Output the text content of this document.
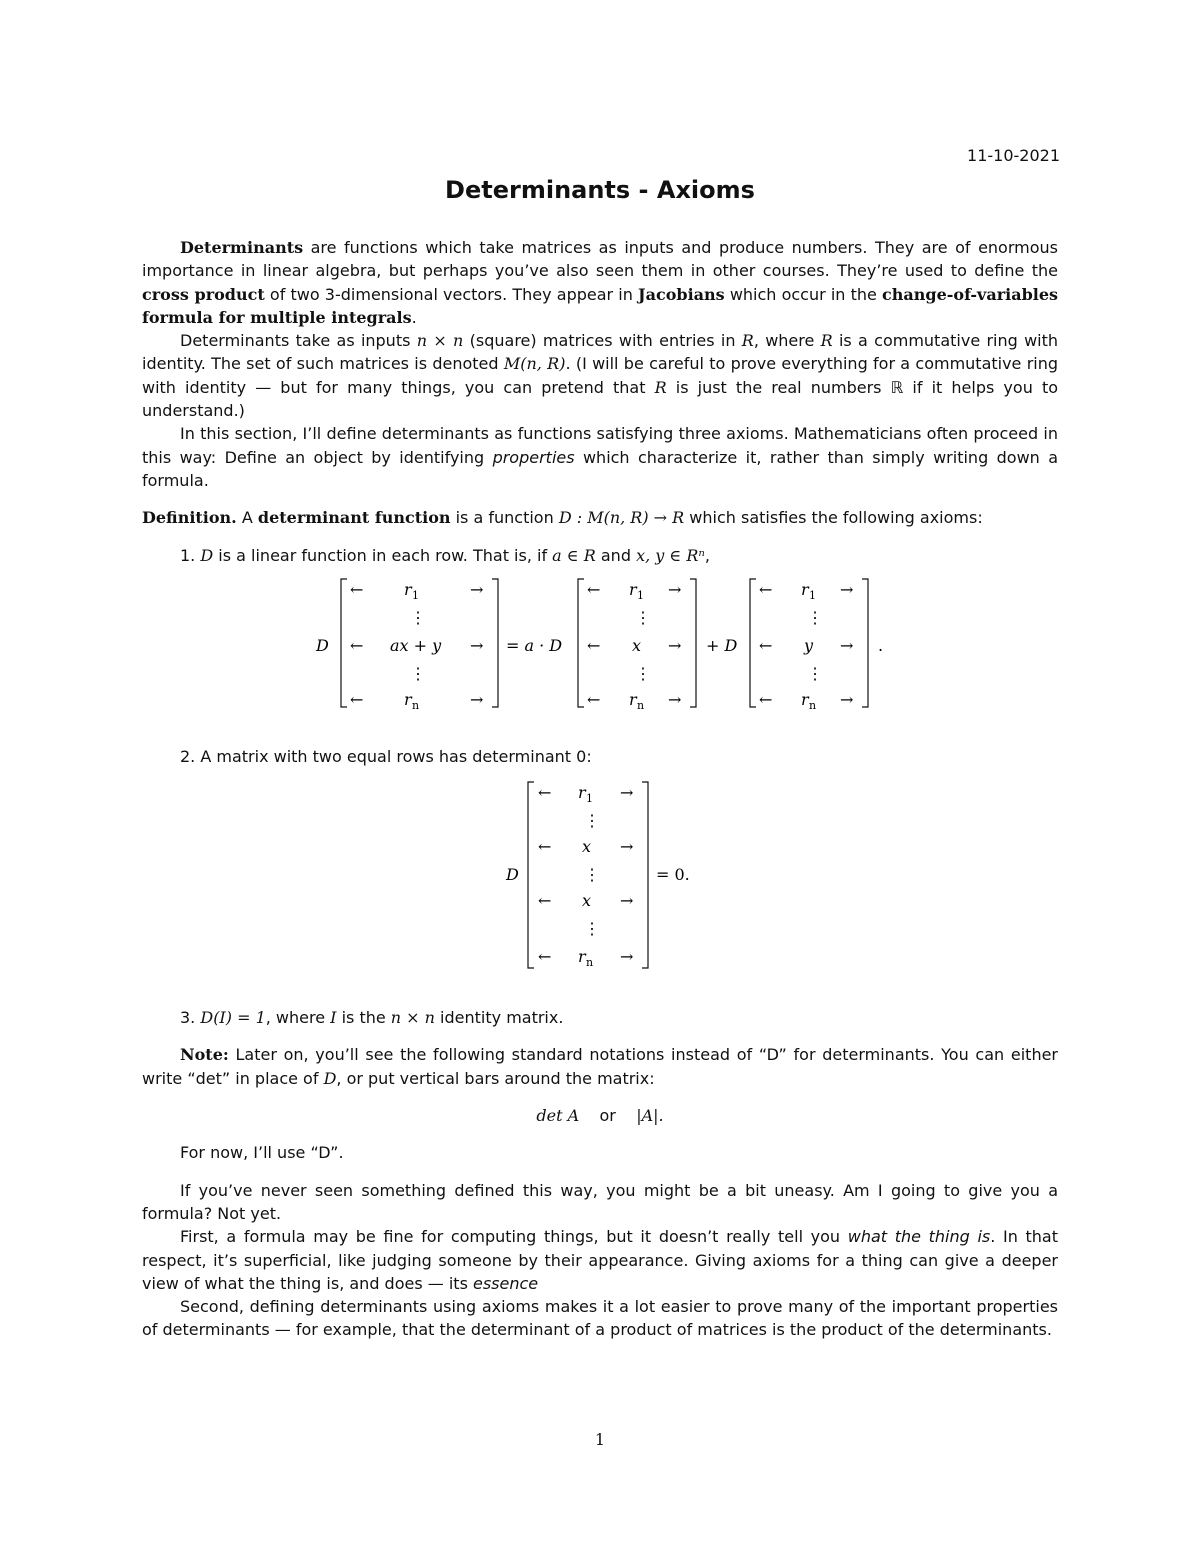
11-10-2021
Determinants - Axioms

Determinants are functions which take matrices as inputs and produce numbers. They are of enormous importance in linear algebra, but perhaps you’ve also seen them in other courses. They’re used to define the cross product of two 3-dimensional vectors. They appear in Jacobians which occur in the change-of-variables formula for multiple integrals.

Determinants take as inputs n × n (square) matrices with entries in R, where R is a commutative ring with identity. The set of such matrices is denoted M(n, R). (I will be careful to prove everything for a commutative ring with identity — but for many things, you can pretend that R is just the real numbers ℝ if it helps you to understand.)

In this section, I’ll define determinants as functions satisfying three axioms. Mathematicians often proceed in this way: Define an object by identifying properties which characterize it, rather than simply writing down a formula.

Definition. A determinant function is a function D : M(n, R) → R which satisfies the following axioms:

1. D is a linear function in each row. That is, if a ∈ R and x, y ∈ Rⁿ,

D
←	r 1	→
⋮
← ax + y →
⋮
←	r n	→
= a · D
← r 1 →
⋮
← x →
⋮
← r n →
+ D
← r 1 →
⋮
← y →
⋮
← r n →
.

2. A matrix with two equal rows has determinant 0:

D
← r 1 →
⋮
← x →
⋮
← x →
⋮
← r n →
= 0.

3. D(I) = 1, where I is the n × n identity matrix.

Note: Later on, you’ll see the following standard notations instead of “D” for determinants. You can either write “det” in place of D, or put vertical bars around the matrix:

det A or |A|.

For now, I’ll use “D”.

If you’ve never seen something defined this way, you might be a bit uneasy. Am I going to give you a formula? Not yet.

First, a formula may be fine for computing things, but it doesn’t really tell you what the thing is. In that respect, it’s superficial, like judging someone by their appearance. Giving axioms for a thing can give a deeper view of what the thing is, and does — its essence

Second, defining determinants using axioms makes it a lot easier to prove many of the important properties of determinants — for example, that the determinant of a product of matrices is the product of the determinants.

1
